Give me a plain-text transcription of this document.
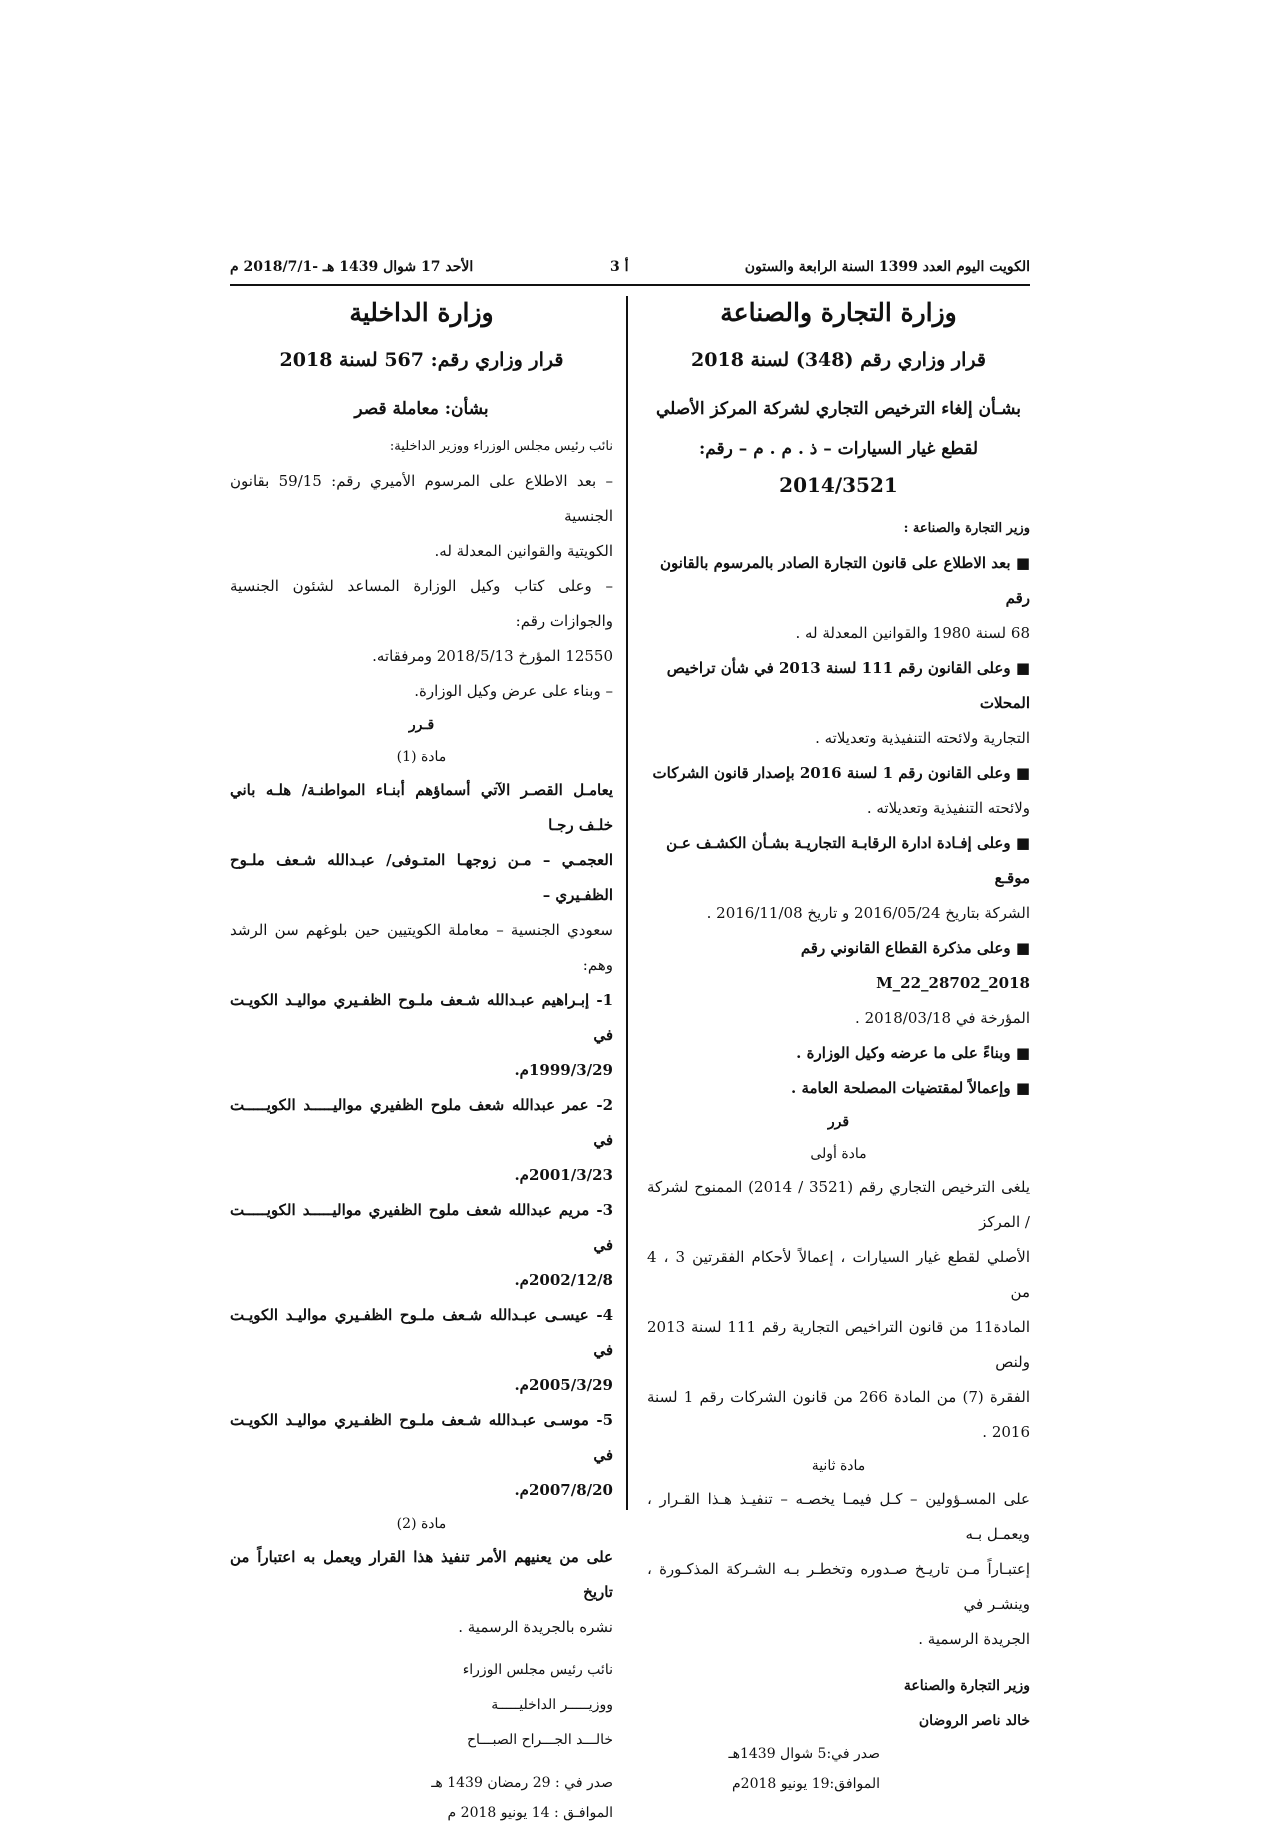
الكويت اليوم العدد 1399 السنة الرابعة والستون
أ 3
الأحد 17 شوال 1439 هـ -2018/7/1 م

وزارة التجارة والصناعة

قرار وزاري رقم (348) لسنة 2018

بشـأن إلغاء الترخيص التجاري لشركة المركز الأصلي

لقطع غيار السيارات – ذ . م . م – رقم:

2014/3521

وزير التجارة والصناعة :

■ بعد الاطلاع على قانون التجارة الصادر بالمرسوم بالقانون رقم

68 لسنة 1980 والقوانين المعدلة له .

■ وعلى القانون رقم 111 لسنة 2013 في شأن تراخيص المحلات

التجارية ولائحته التنفيذية وتعديلاته .

■ وعلى القانون رقم 1 لسنة 2016 بإصدار قانون الشركات

ولائحته التنفيذية وتعديلاته .

■ وعلى إفـادة ادارة الرقابـة التجاريـة بشـأن الكشـف عـن موقـع

الشركة بتاريخ 2016/05/24 و تاريخ 2016/11/08 .

■ وعلى مذكرة القطاع القانوني رقم M_22_28702_2018

المؤرخة في 2018/03/18 .

■ وبناءً على ما عرضه وكيل الوزارة .

■ وإعمالاً لمقتضيات المصلحة العامة .

قرر

مادة أولى

يلغى الترخيص التجاري رقم (3521 / 2014) الممنوح لشركة / المركز

الأصلي لقطع غيار السيارات ، إعمالاً لأحكام الفقرتين 3 ، 4 من

المادة11 من قانون التراخيص التجارية رقم 111 لسنة 2013 ولنص

الفقرة (7) من المادة 266 من قانون الشركات رقم 1 لسنة 2016 .

مادة ثانية

على المسـؤولين – كـل فيمـا يخصـه – تنفيـذ هـذا القـرار ، ويعمـل بـه

إعتبـاراً مـن تاريـخ صـدوره وتخطـر بـه الشـركة المذكـورة ، وينشـر في

الجريدة الرسمية .

وزير التجارة والصناعة

خالد ناصر الروضان

صدر في:5 شوال 1439هـ

الموافق:19 يونيو 2018م

وزارة الداخلية

قرار وزاري رقم: 567 لسنة 2018

بشأن: معاملة قصر

نائب رئيس مجلس الوزراء ووزير الداخلية:

– بعد الاطلاع على المرسوم الأميري رقم: 59/15 بقانون الجنسية

الكويتية والقوانين المعدلة له.

– وعلى كتاب وكيل الوزارة المساعد لشئون الجنسية والجوازات رقم:

12550 المؤرخ 2018/5/13 ومرفقاته.

– وبناء على عرض وكيل الوزارة.

قـرر

مادة (1)

يعامـل القصـر الآتي أسماؤهم أبنـاء المواطنـة/ هلـه باني خلـف رجـا

العجمـي – مـن زوجهـا المتـوفى/ عبـدالله شـعف ملـوح الظفـيري –

سعودي الجنسية – معاملة الكويتيين حين بلوغهم سن الرشد وهم:

1- إبـراهيم عبـدالله شـعف ملـوح الظفـيري مواليـد الكويـت في

1999/3/29م.

2- عمر عبدالله شعف ملوح الظفيري مواليـــــد الكويـــــت في

2001/3/23م.

3- مريم عبدالله شعف ملوح الظفيري مواليـــــد الكويـــــت في

2002/12/8م.

4- عيسـى عبـدالله شـعف ملـوح الظفـيري مواليـد الكويـت في

2005/3/29م.

5- موسـى عبـدالله شـعف ملـوح الظفـيري مواليـد الكويـت في

2007/8/20م.

مادة (2)

على من يعنيهم الأمر تنفيذ هذا القرار ويعمل به اعتباراً من تاريخ

نشره بالجريدة الرسمية .

نائب رئيس مجلس الوزراء

ووزيـــــر الداخليـــــة

خالـــد الجـــراح الصبـــاح

صدر في : 29 رمضان 1439 هـ

الموافـق : 14 يونيو 2018 م
